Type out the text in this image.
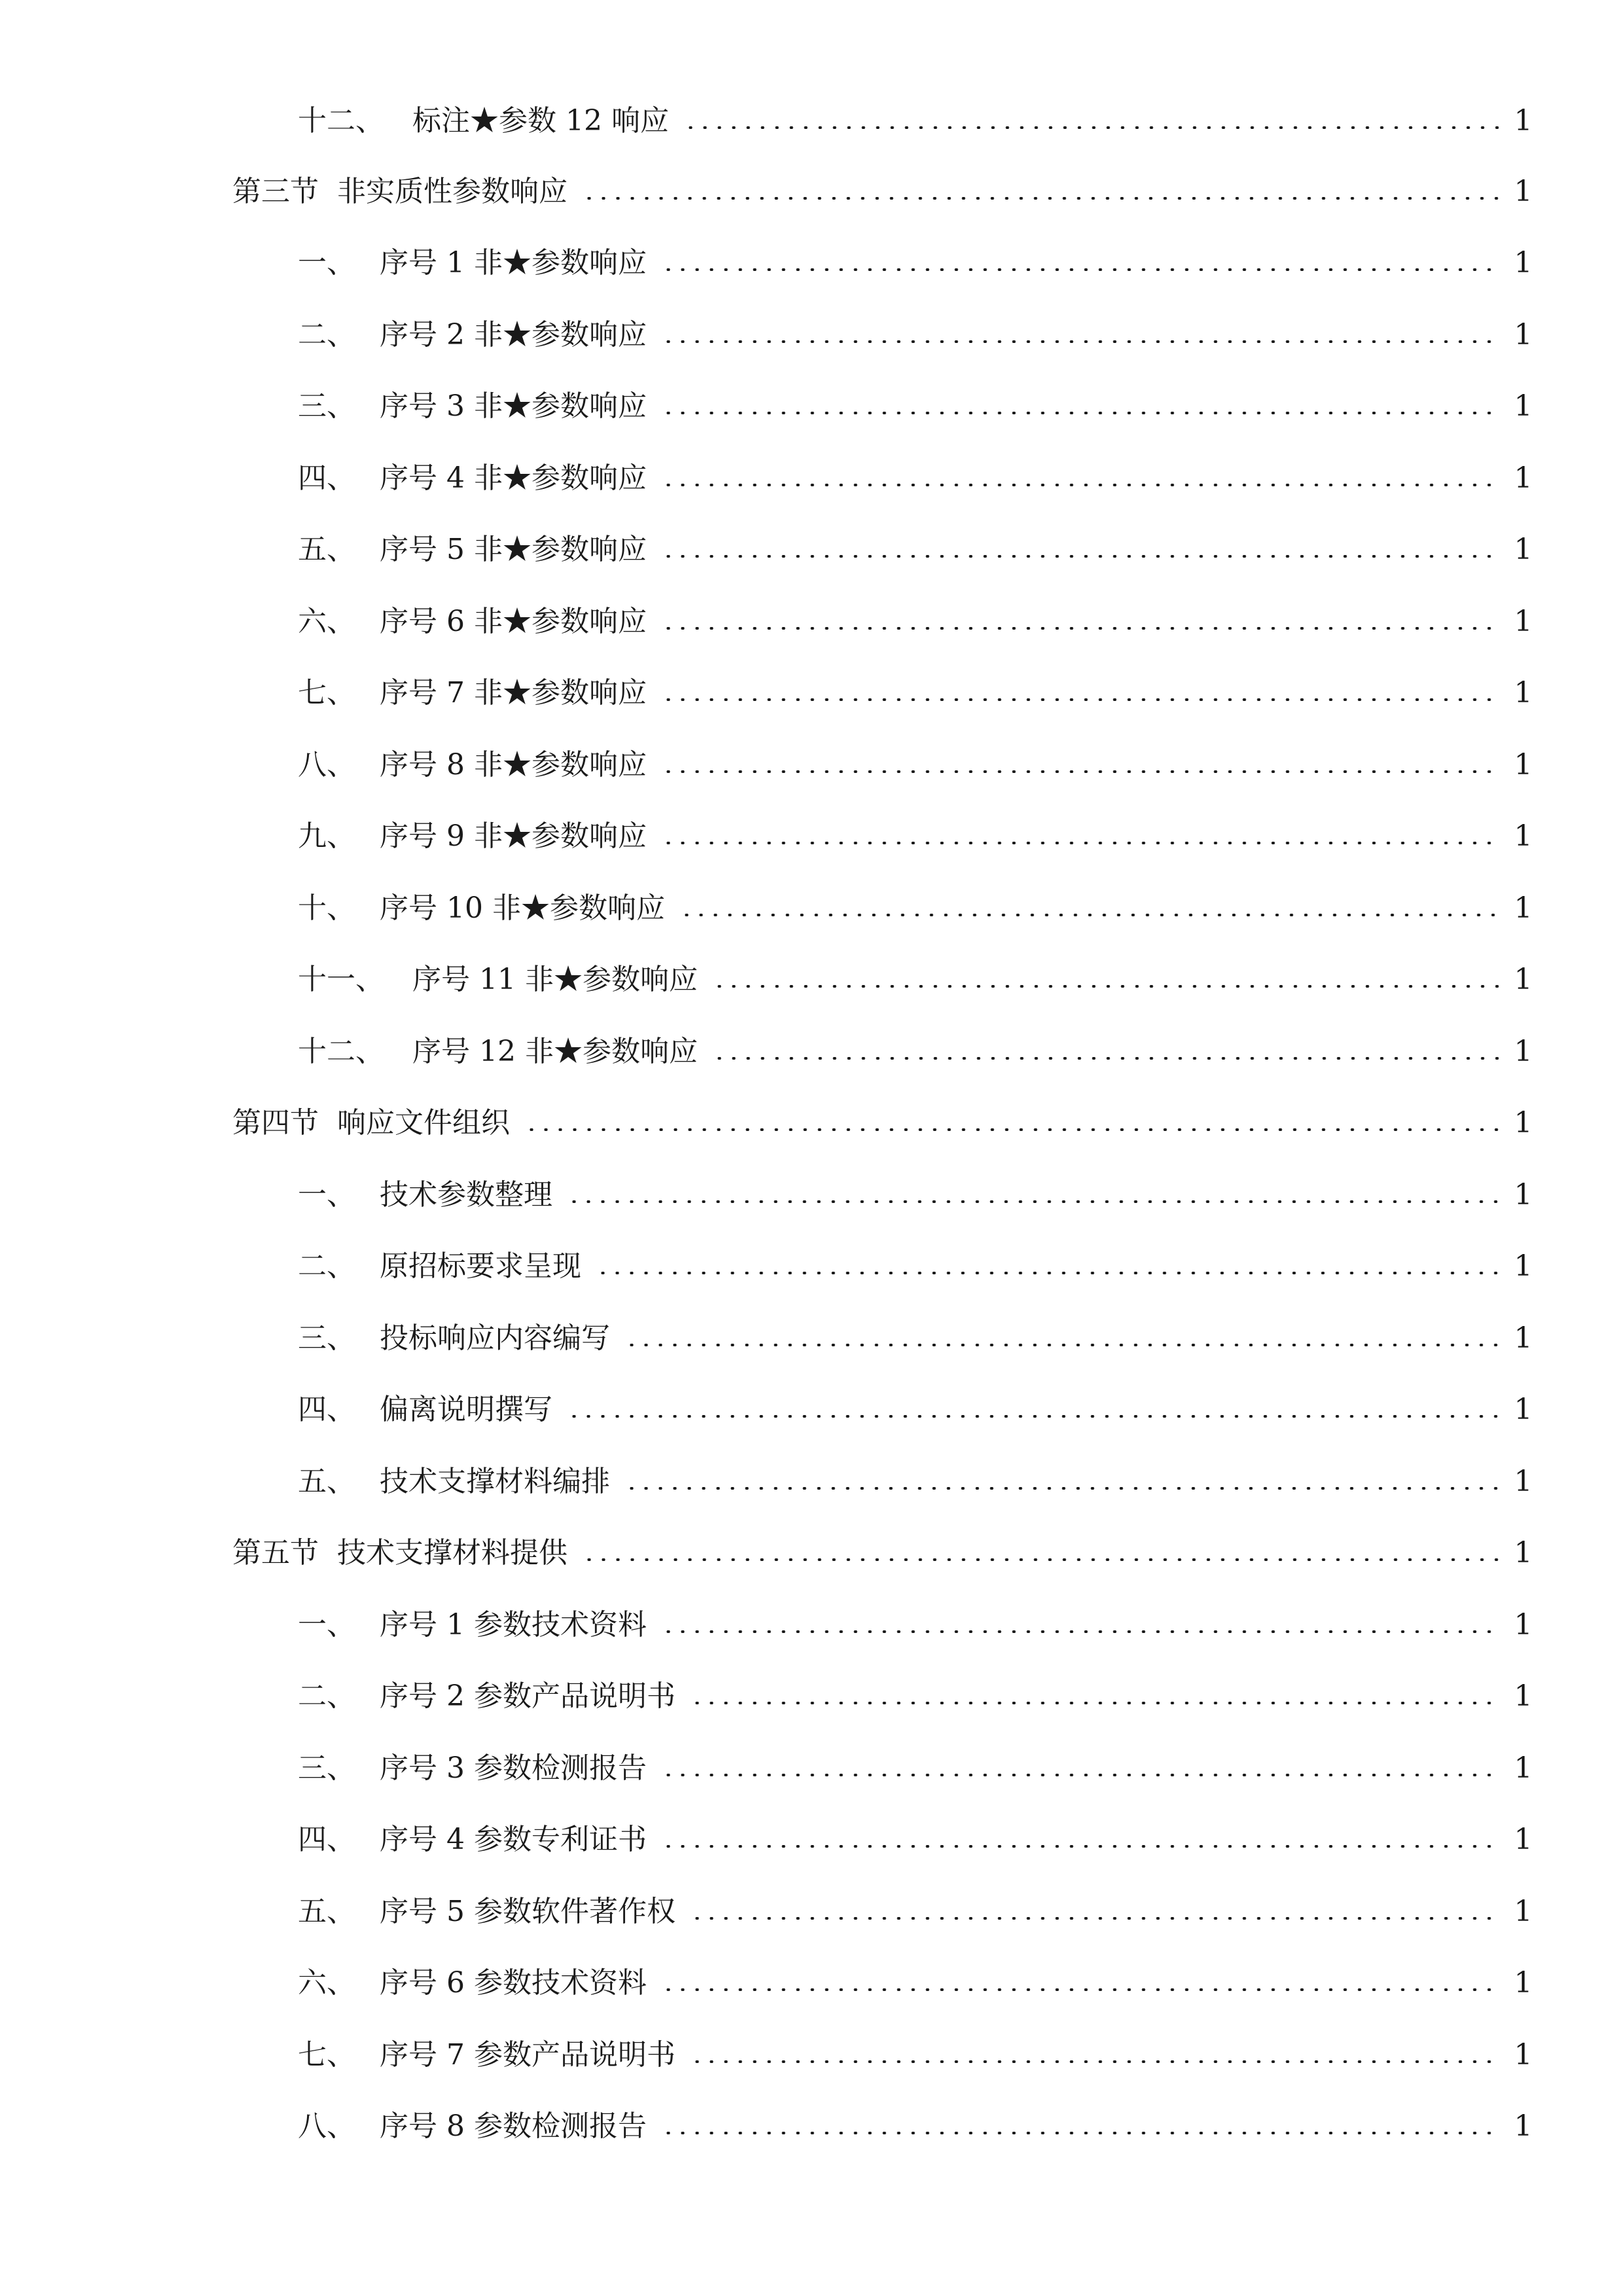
十二、 标注★参数 12 响应	1
第三节 非实质性参数响应	1
一、 序号 1 非★参数响应	1
二、 序号 2 非★参数响应	1
三、 序号 3 非★参数响应	1
四、 序号 4 非★参数响应	1
五、 序号 5 非★参数响应	1
六、 序号 6 非★参数响应	1
七、 序号 7 非★参数响应	1
八、 序号 8 非★参数响应	1
九、 序号 9 非★参数响应	1
十、 序号 10 非★参数响应	1
十一、 序号 11 非★参数响应	1
十二、 序号 12 非★参数响应	1
第四节 响应文件组织	1
一、 技术参数整理	1
二、 原招标要求呈现	1
三、 投标响应内容编写	1
四、 偏离说明撰写	1
五、 技术支撑材料编排	1
第五节 技术支撑材料提供	1
一、 序号 1 参数技术资料	1
二、 序号 2 参数产品说明书	1
三、 序号 3 参数检测报告	1
四、 序号 4 参数专利证书	1
五、 序号 5 参数软件著作权	1
六、 序号 6 参数技术资料	1
七、 序号 7 参数产品说明书	1
八、 序号 8 参数检测报告	1
